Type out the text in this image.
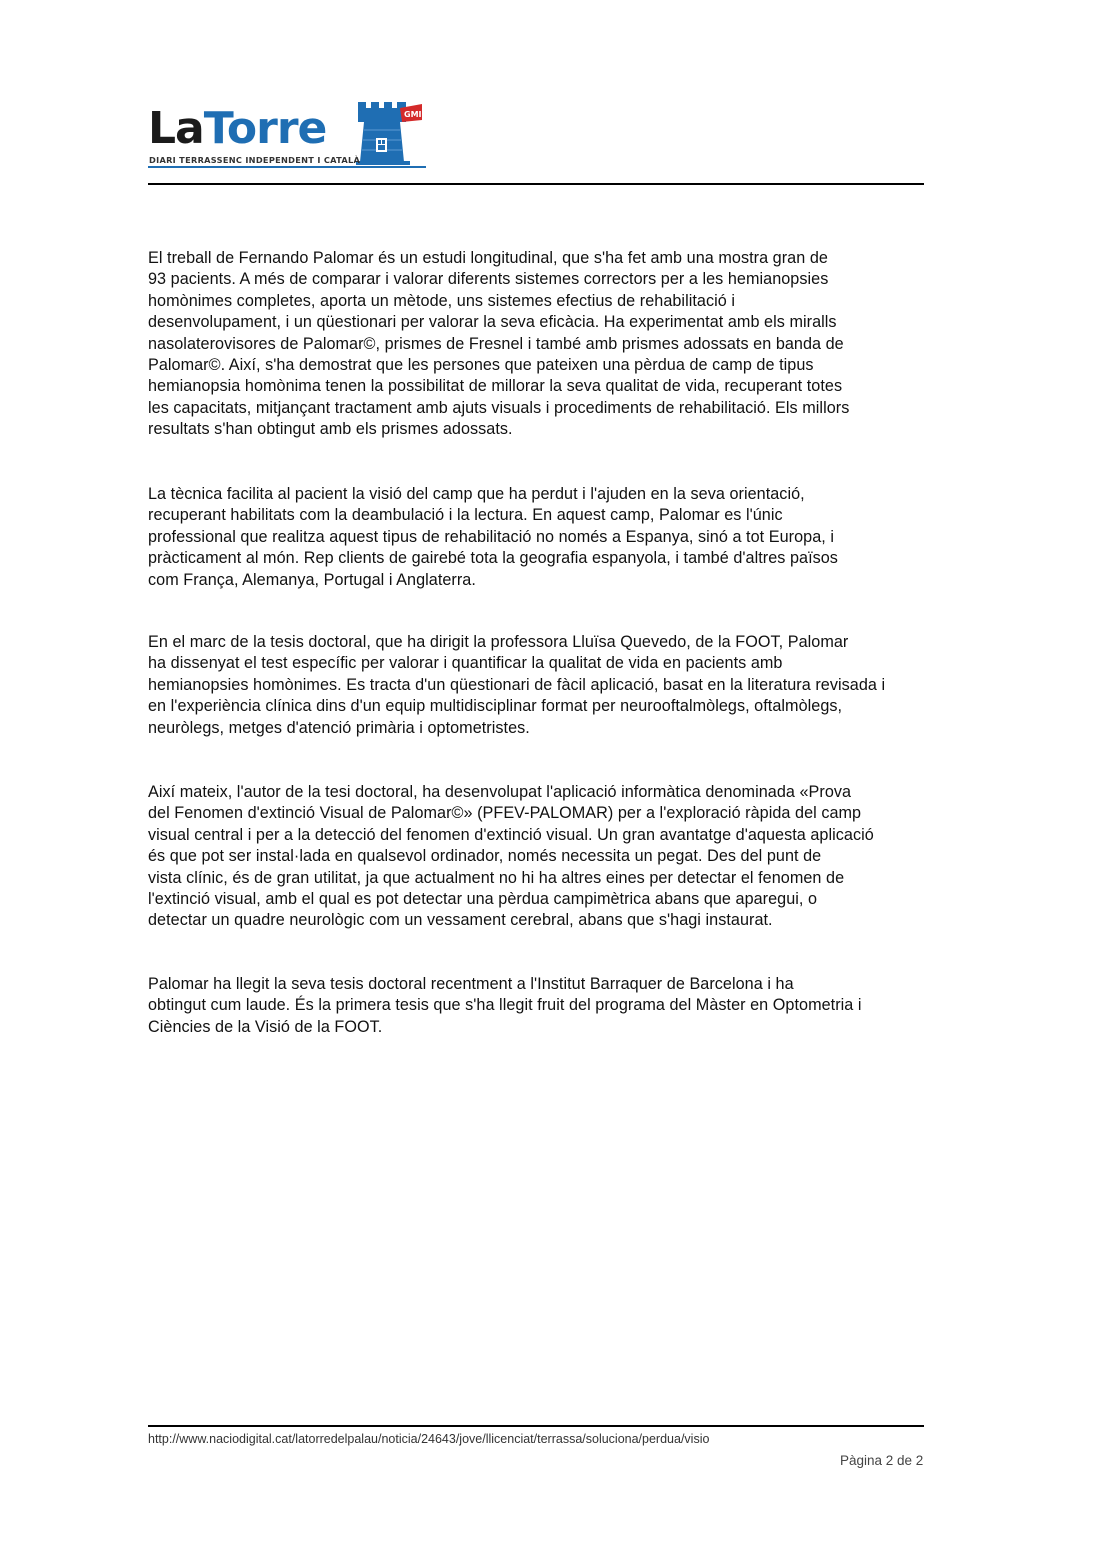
LaTorre	GMI
DIARI TERRASSENC INDEPENDENT I CATALÀ
El treball de Fernando Palomar és un estudi longitudinal, que s'ha fet amb una mostra gran de
93 pacients. A més de comparar i valorar diferents sistemes correctors per a les hemianopsies
homònimes completes, aporta un mètode, uns sistemes efectius de rehabilitació i
desenvolupament, i un qüestionari per valorar la seva eficàcia. Ha experimentat amb els miralls
nasolaterovisores de Palomar©, prismes de Fresnel i també amb prismes adossats en banda de
Palomar©. Així, s'ha demostrat que les persones que pateixen una pèrdua de camp de tipus
hemianopsia homònima tenen la possibilitat de millorar la seva qualitat de vida, recuperant totes
les capacitats, mitjançant tractament amb ajuts visuals i procediments de rehabilitació. Els millors
resultats s'han obtingut amb els prismes adossats.
La tècnica facilita al pacient la visió del camp que ha perdut i l'ajuden en la seva orientació,
recuperant habilitats com la deambulació i la lectura. En aquest camp, Palomar es l'únic
professional que realitza aquest tipus de rehabilitació no només a Espanya, sinó a tot Europa, i
pràcticament al món. Rep clients de gairebé tota la geografia espanyola, i també d'altres països
com França, Alemanya, Portugal i Anglaterra.
En el marc de la tesis doctoral, que ha dirigit la professora Lluïsa Quevedo, de la FOOT, Palomar
ha dissenyat el test específic per valorar i quantificar la qualitat de vida en pacients amb
hemianopsies homònimes. Es tracta d'un qüestionari de fàcil aplicació, basat en la literatura revisada i
en l'experiència clínica dins d'un equip multidisciplinar format per neurooftalmòlegs, oftalmòlegs,
neuròlegs, metges d'atenció primària i optometristes.
Així mateix, l'autor de la tesi doctoral, ha desenvolupat l'aplicació informàtica denominada «Prova
del Fenomen d'extinció Visual de Palomar©» (PFEV-PALOMAR) per a l'exploració ràpida del camp
visual central i per a la detecció del fenomen d'extinció visual. Un gran avantatge d'aquesta aplicació
és que pot ser instal·lada en qualsevol ordinador, només necessita un pegat. Des del punt de
vista clínic, és de gran utilitat, ja que actualment no hi ha altres eines per detectar el fenomen de
l'extinció visual, amb el qual es pot detectar una pèrdua campimètrica abans que aparegui, o
detectar un quadre neurològic com un vessament cerebral, abans que s'hagi instaurat.
Palomar ha llegit la seva tesis doctoral recentment a l'Institut Barraquer de Barcelona i ha
obtingut cum laude. És la primera tesis que s'ha llegit fruit del programa del Màster en Optometria i
Ciències de la Visió de la FOOT.
http://www.naciodigital.cat/latorredelpalau/noticia/24643/jove/llicenciat/terrassa/soluciona/perdua/visio
Pàgina 2 de 2
